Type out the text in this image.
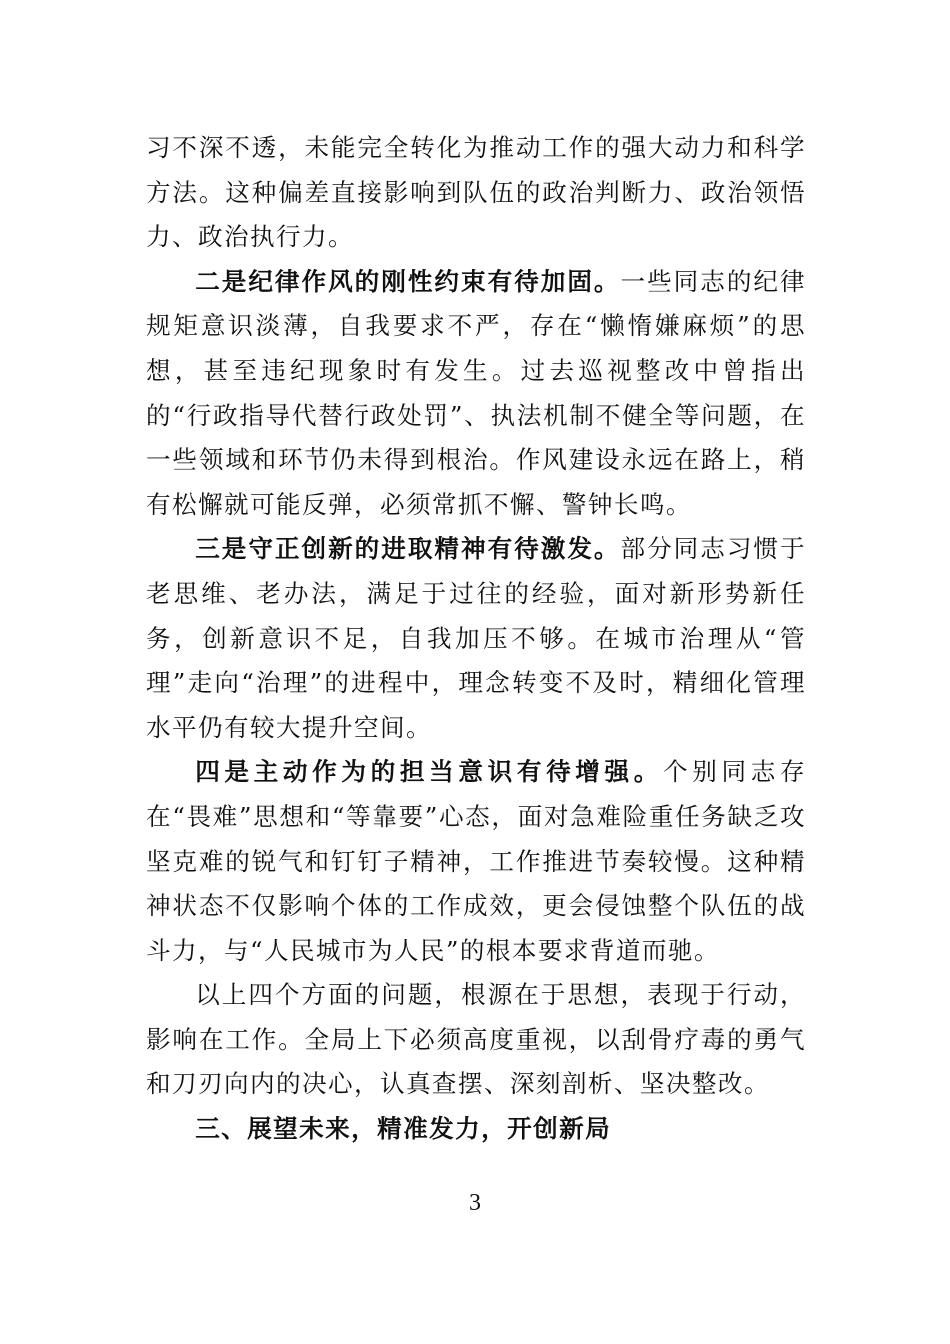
习不深不透，未能完全转化为推动工作的强大动力和科学方法。这种偏差直接影响到队伍的政治判断力、政治领悟力、政治执行力。

二是纪律作风的刚性约束有待加固。一些同志的纪律规矩意识淡薄，自我要求不严，存在“懒惰嫌麻烦”的思想，甚至违纪现象时有发生。过去巡视整改中曾指出的“行政指导代替行政处罚”、执法机制不健全等问题，在一些领域和环节仍未得到根治。作风建设永远在路上，稍有松懈就可能反弹，必须常抓不懈、警钟长鸣。

三是守正创新的进取精神有待激发。部分同志习惯于老思维、老办法，满足于过往的经验，面对新形势新任务，创新意识不足，自我加压不够。在城市治理从“管理”走向“治理”的进程中，理念转变不及时，精细化管理水平仍有较大提升空间。

四是主动作为的担当意识有待增强。个别同志存在“畏难”思想和“等靠要”心态，面对急难险重任务缺乏攻坚克难的锐气和钉钉子精神，工作推进节奏较慢。这种精神状态不仅影响个体的工作成效，更会侵蚀整个队伍的战斗力，与“人民城市为人民”的根本要求背道而驰。

以上四个方面的问题，根源在于思想，表现于行动，影响在工作。全局上下必须高度重视，以刮骨疗毒的勇气和刀刃向内的决心，认真查摆、深刻剖析、坚决整改。

三、展望未来，精准发力，开创新局

3
